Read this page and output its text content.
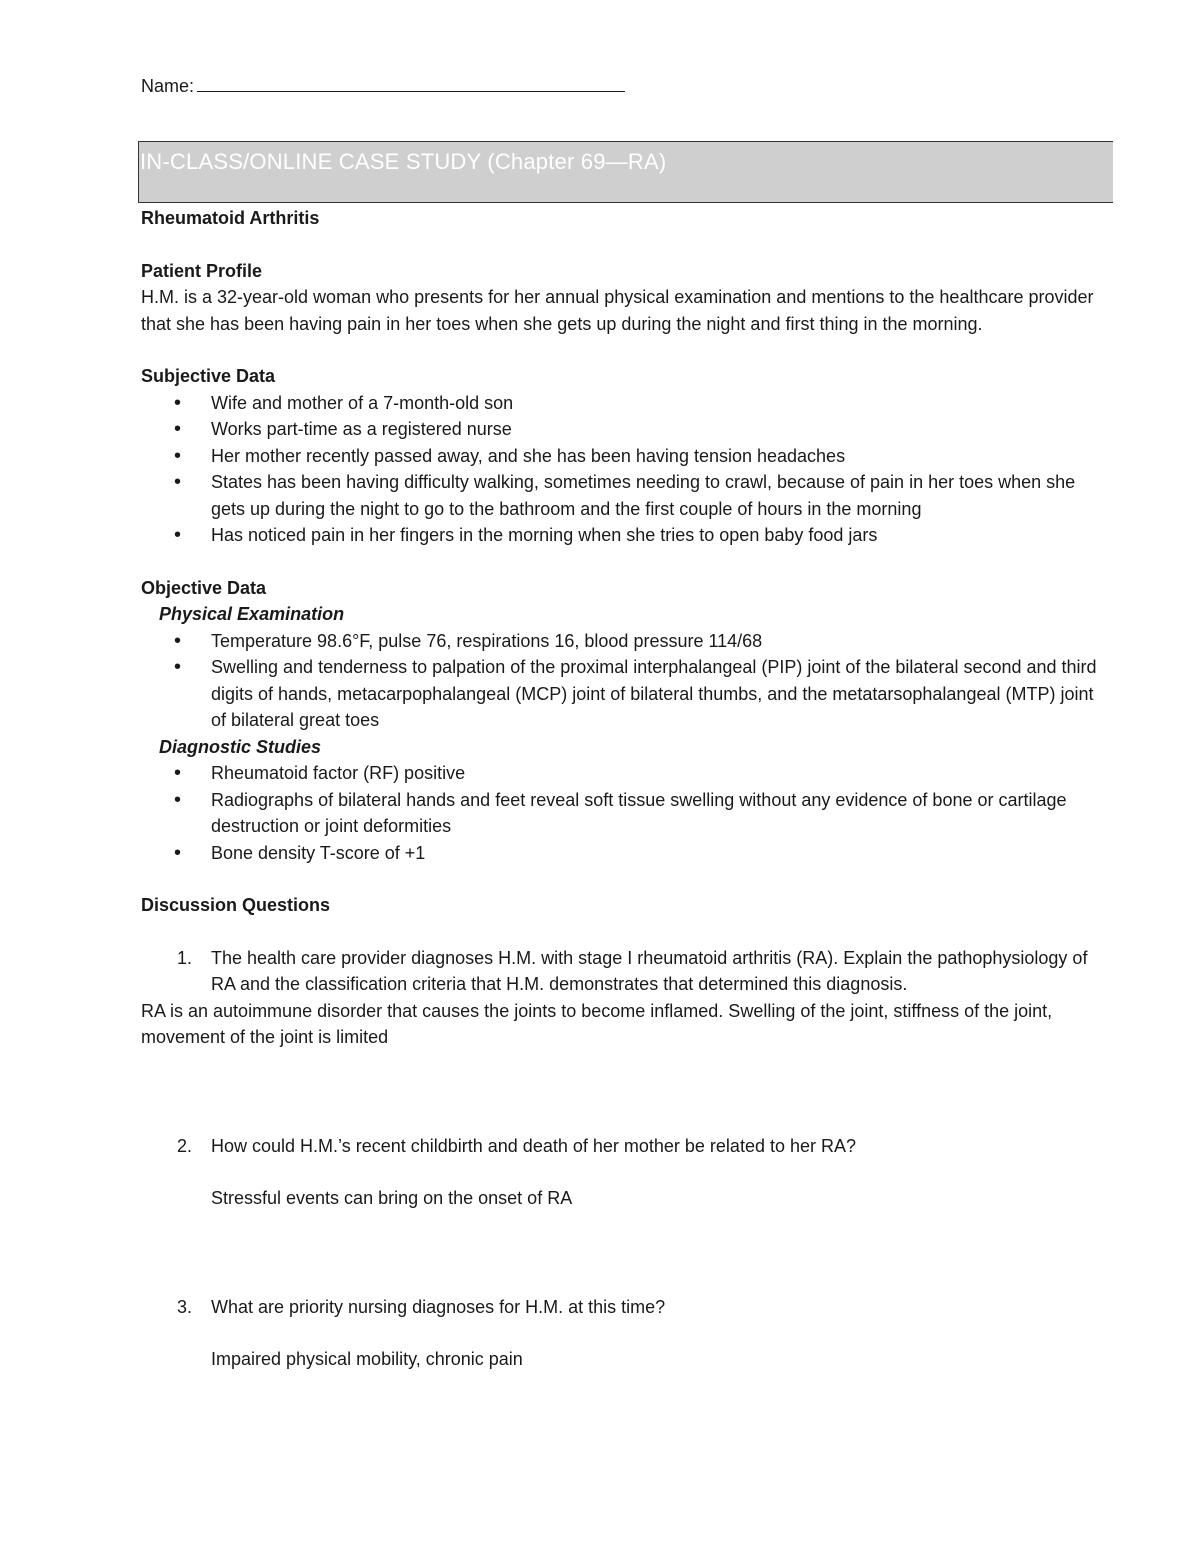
Name:
IN-CLASS/ONLINE CASE STUDY (Chapter 69—RA)

Rheumatoid Arthritis

Patient Profile

H.M. is a 32-year-old woman who presents for her annual physical examination and mentions to the healthcare provider that she has been having pain in her toes when she gets up during the night and first thing in the morning.

Subjective Data

• Wife and mother of a 7-month-old son
• Works part-time as a registered nurse
• Her mother recently passed away, and she has been having tension headaches
• States has been having difficulty walking, sometimes needing to crawl, because of pain in her toes when she gets up during the night to go to the bathroom and the first couple of hours in the morning
• Has noticed pain in her fingers in the morning when she tries to open baby food jars

Objective Data

Physical Examination

• Temperature 98.6°F, pulse 76, respirations 16, blood pressure 114/68
• Swelling and tenderness to palpation of the proximal interphalangeal (PIP) joint of the bilateral second and third digits of hands, metacarpophalangeal (MCP) joint of bilateral thumbs, and the metatarsophalangeal (MTP) joint of bilateral great toes

Diagnostic Studies

• Rheumatoid factor (RF) positive
• Radiographs of bilateral hands and feet reveal soft tissue swelling without any evidence of bone or cartilage destruction or joint deformities
• Bone density T-score of +1

Discussion Questions

1. The health care provider diagnoses H.M. with stage I rheumatoid arthritis (RA). Explain the pathophysiology of RA and the classification criteria that H.M. demonstrates that determined this diagnosis.

RA is an autoimmune disorder that causes the joints to become inflamed. Swelling of the joint, stiffness of the joint, movement of the joint is limited

2. How could H.M.’s recent childbirth and death of her mother be related to her RA?

Stressful events can bring on the onset of RA

3. What are priority nursing diagnoses for H.M. at this time?

Impaired physical mobility, chronic pain
